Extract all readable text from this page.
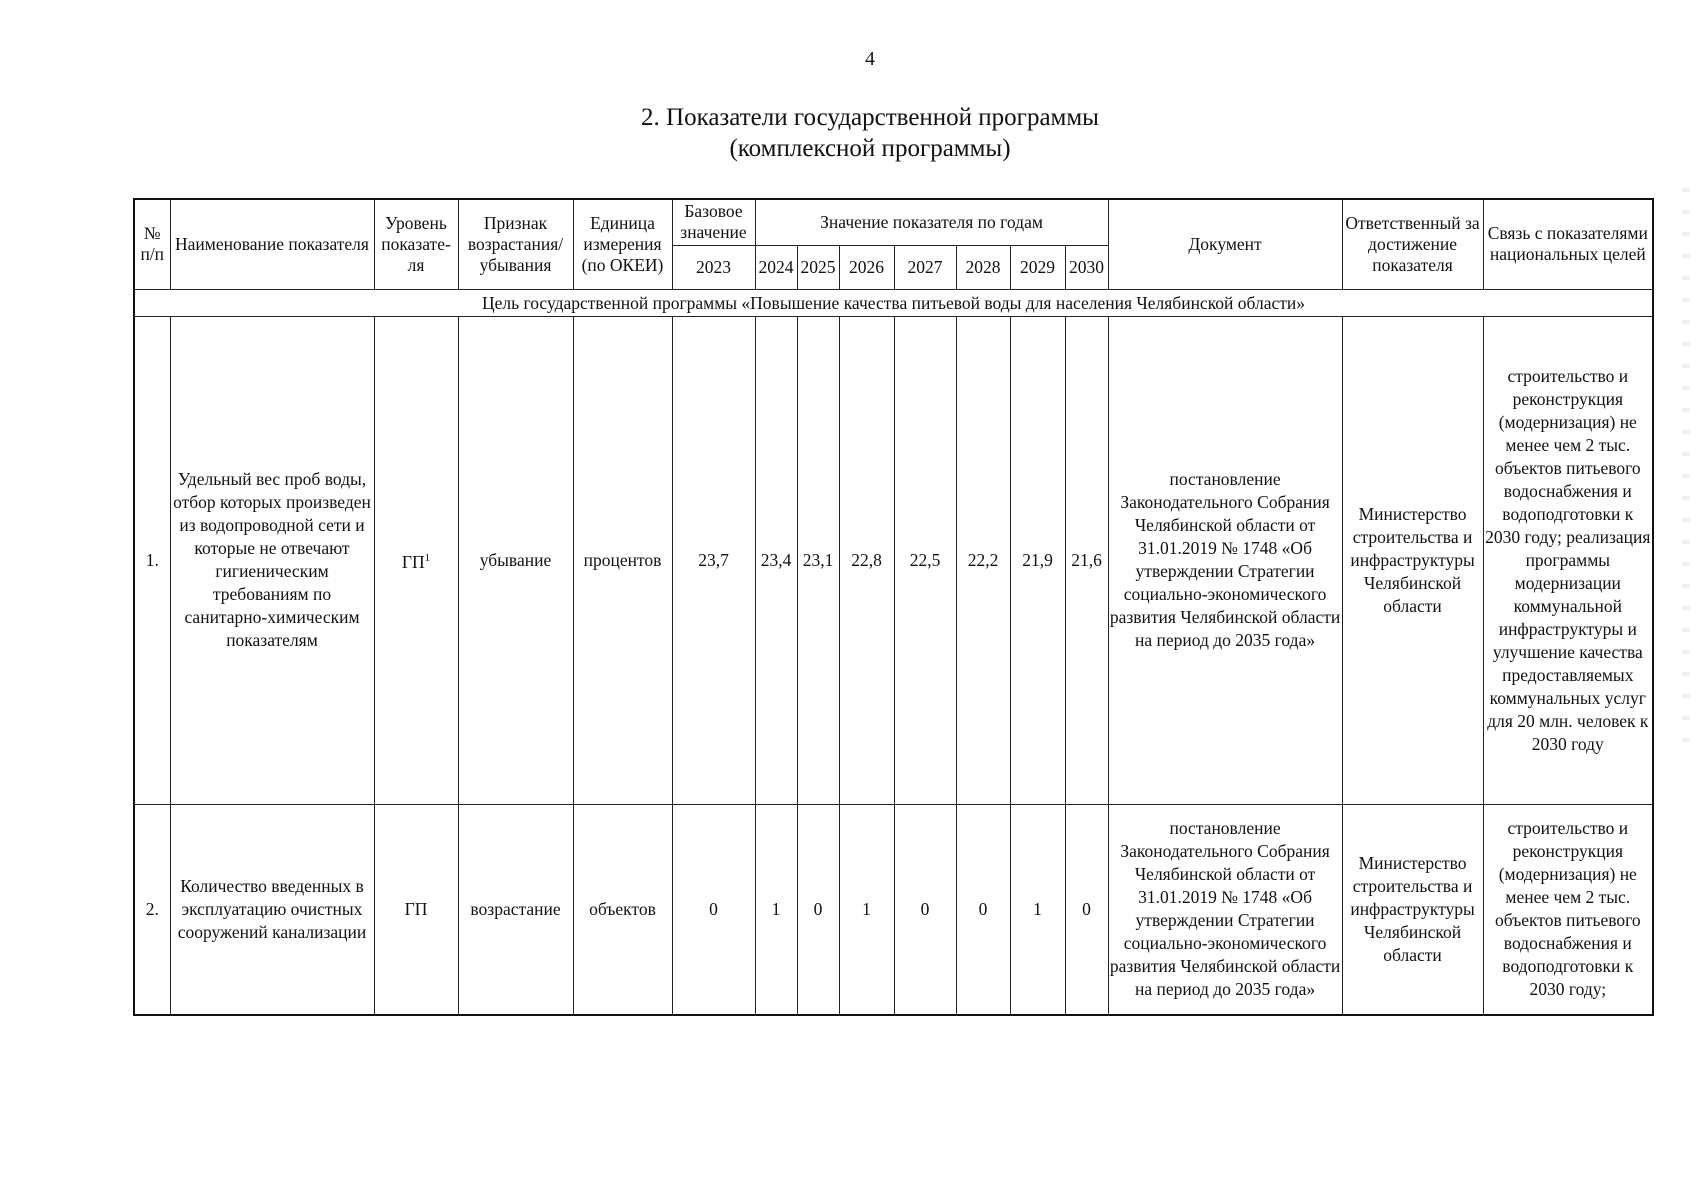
4
2. Показатели государственной программы
(комплексной программы)
№ п/п	Наименование показателя	Уровень показате-ля	Признак возрастания/ убывания	Единица измерения (по ОКЕИ)	Базовое значение	Значение показателя по годам							Документ	Ответственный за достижение показателя	Связь с показателями национальных целей
					2023	2024	2025	2026	2027	2028	2029	2030			
Цель государственной программы «Повышение качества питьевой воды для населения Челябинской области»															
1.	Удельный вес проб воды, отбор которых произведен из водопроводной сети и которые не отвечают гигиеническим требованиям по санитарно-химическим показателям	$ГП^1$	убывание	процентов	23,7	23,4	23,1	22,8	22,5	22,2	21,9	21,6	постановление Законодательного Собрания Челябинской области от 31.01.2019 № 1748 «Об утверждении Стратегии социально-экономического развития Челябинской области на период до 2035 года»	Министерство строительства и инфраструктуры Челябинской области	строительство и реконструкция (модернизация) не менее чем 2 тыс. объектов питьевого водоснабжения и водоподготовки к 2030 году; реализация программы модернизации коммунальной инфраструктуры и улучшение качества предоставляемых коммунальных услуг для 20 млн. человек к 2030 году
2.	Количество введенных в эксплуатацию очистных сооружений канализации	ГП	возрастание	объектов	0	1	0	1	0	0	1	0	постановление Законодательного Собрания Челябинской области от 31.01.2019 № 1748 «Об утверждении Стратегии социально-экономического развития Челябинской области на период до 2035 года»	Министерство строительства и инфраструктуры Челябинской области	строительство и реконструкция (модернизация) не менее чем 2 тыс. объектов питьевого водоснабжения и водоподготовки к 2030 году;
